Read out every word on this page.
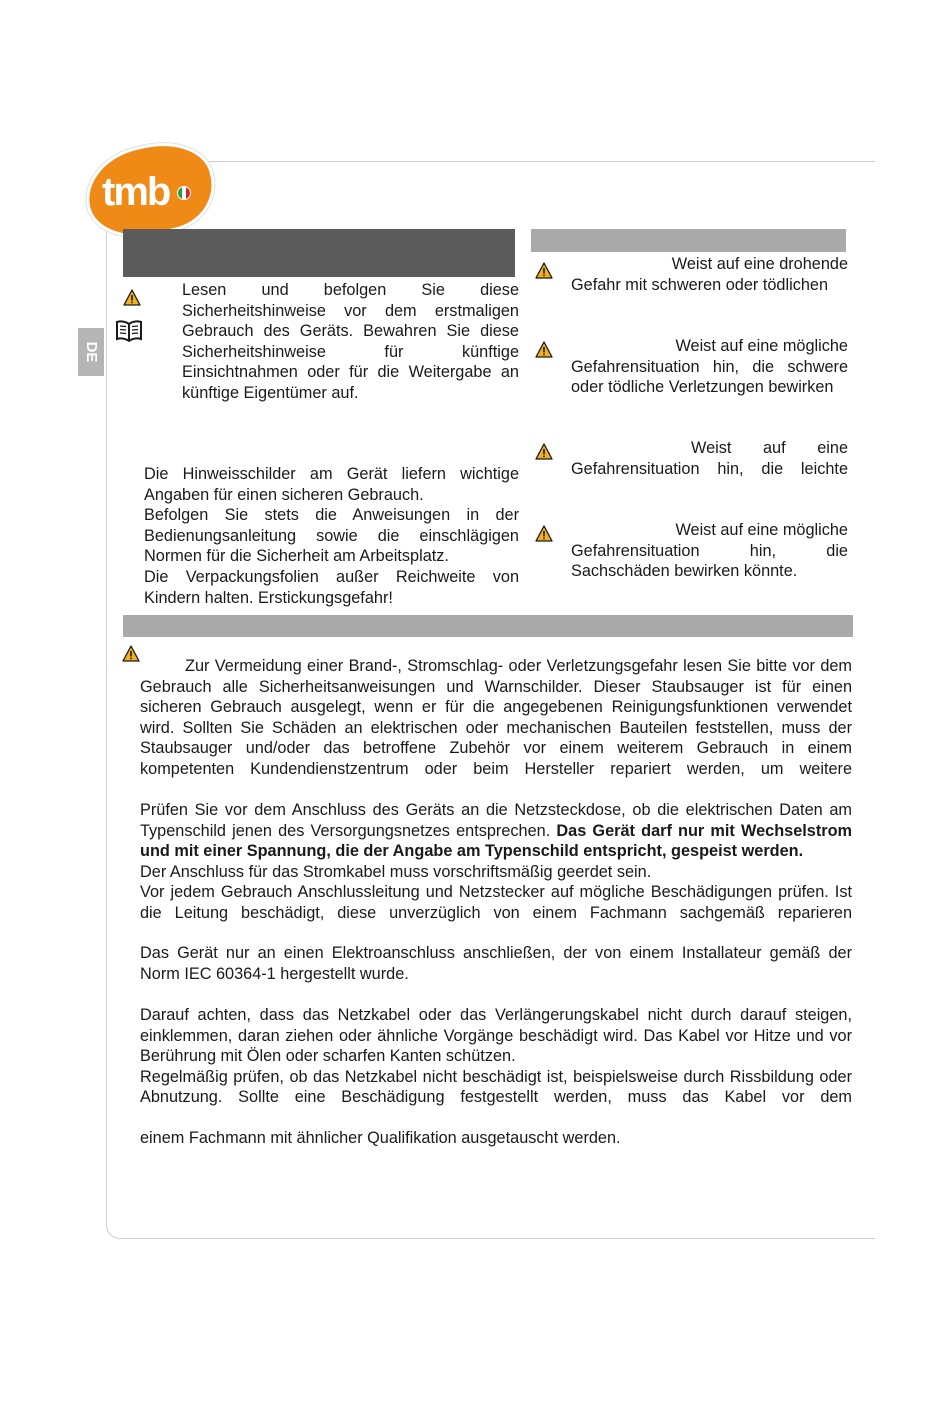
tmb
DE
Lesen und befolgen Sie diese Sicherheitshinweise vor dem erstmaligen Gebrauch des Geräts. Bewahren Sie diese Sicherheitshinweise für künftige Einsichtnahmen oder für die Weitergabe an künftige Eigentümer auf.

Die Hinweisschilder am Gerät liefern wichtige Angaben für einen sicheren Gebrauch.

Befolgen Sie stets die Anweisungen in der Bedienungsanleitung sowie die einschlägigen Normen für die Sicherheit am Arbeitsplatz.

Die Verpackungsfolien außer Reichweite von Kindern halten. Erstickungsgefahr!

Weist auf eine drohende

Gefahr mit schweren oder tödlichen

Weist auf eine mögliche

Gefahrensituation hin, die schwere

oder tödliche Verletzungen bewirken

Weist auf eine

Gefahrensituation hin, die leichte

Weist auf eine mögliche

Gefahrensituation hin, die

Sachschäden bewirken könnte.

Zur Vermeidung einer Brand-, Stromschlag- oder Verletzungsgefahr lesen Sie bitte vor dem Gebrauch alle Sicherheitsanweisungen und Warnschilder. Dieser Staubsauger ist für einen sicheren Gebrauch ausgelegt, wenn er für die angegebenen Reinigungsfunktionen verwendet wird. Sollten Sie Schäden an elektrischen oder mechanischen Bauteilen feststellen, muss der Staubsauger und/oder das betroffene Zubehör vor einem weiterem Gebrauch in einem kompetenten Kundendienstzentrum oder beim Hersteller repariert werden, um weitere

Prüfen Sie vor dem Anschluss des Geräts an die Netzsteckdose, ob die elektrischen Daten am Typenschild jenen des Versorgungsnetzes entsprechen. Das Gerät darf nur mit Wechselstrom und mit einer Spannung, die der Angabe am Typenschild entspricht, gespeist werden.

Der Anschluss für das Stromkabel muss vorschriftsmäßig geerdet sein.

Vor jedem Gebrauch Anschlussleitung und Netzstecker auf mögliche Beschädigungen prüfen. Ist die Leitung beschädigt, diese unverzüglich von einem Fachmann sachgemäß reparieren

Das Gerät nur an einen Elektroanschluss anschließen, der von einem Installateur gemäß der Norm IEC 60364-1 hergestellt wurde.

Darauf achten, dass das Netzkabel oder das Verlängerungskabel nicht durch darauf steigen, einklemmen, daran ziehen oder ähnliche Vorgänge beschädigt wird. Das Kabel vor Hitze und vor Berührung mit Ölen oder scharfen Kanten schützen.

Regelmäßig prüfen, ob das Netzkabel nicht beschädigt ist, beispielsweise durch Rissbildung oder Abnutzung. Sollte eine Beschädigung festgestellt werden, muss das Kabel vor dem

einem Fachmann mit ähnlicher Qualifikation ausgetauscht werden.
